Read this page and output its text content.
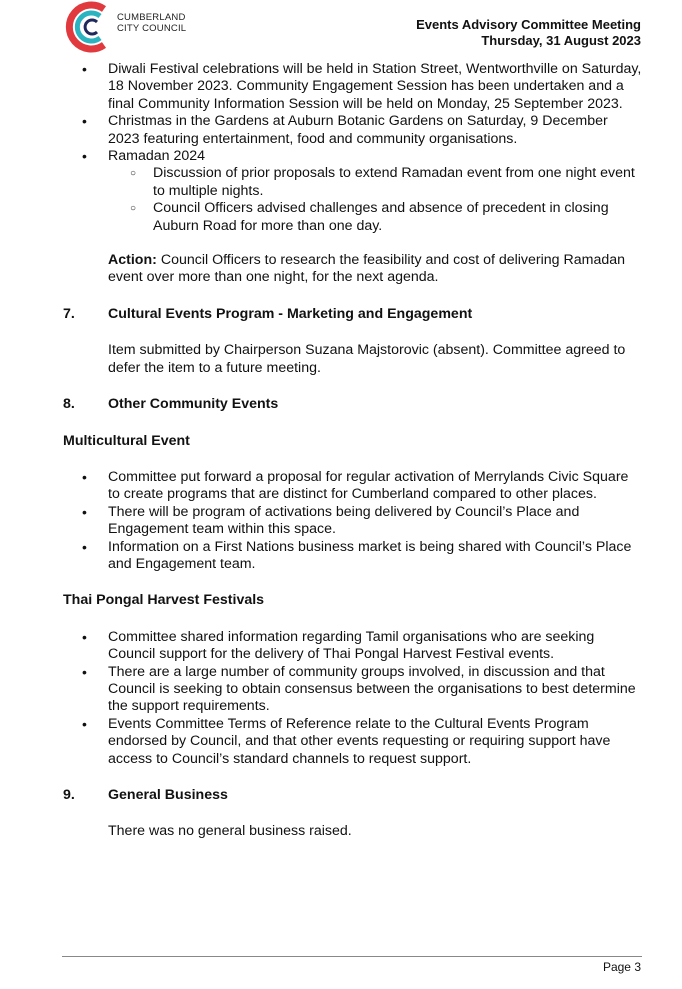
CUMBERLAND
CITY COUNCIL	Events Advisory Committee Meeting
Thursday, 31 August 2023
• Diwali Festival celebrations will be held in Station Street, Wentworthville on Saturday, 18 November 2023. Community Engagement Session has been undertaken and a final Community Information Session will be held on Monday, 25 September 2023.
• Christmas in the Gardens at Auburn Botanic Gardens on Saturday, 9 December 2023 featuring entertainment, food and community organisations.
• Ramadan 2024
○ Discussion of prior proposals to extend Ramadan event from one night event to multiple nights.
○ Council Officers advised challenges and absence of precedent in closing Auburn Road for more than one day.
Action: Council Officers to research the feasibility and cost of delivering Ramadan event over more than one night, for the next agenda.
7.	Cultural Events Program - Marketing and Engagement
Item submitted by Chairperson Suzana Majstorovic (absent). Committee agreed to defer the item to a future meeting.
8.	Other Community Events
Multicultural Event
• Committee put forward a proposal for regular activation of Merrylands Civic Square to create programs that are distinct for Cumberland compared to other places.
• There will be program of activations being delivered by Council’s Place and Engagement team within this space.
• Information on a First Nations business market is being shared with Council’s Place and Engagement team.
Thai Pongal Harvest Festivals
• Committee shared information regarding Tamil organisations who are seeking Council support for the delivery of Thai Pongal Harvest Festival events.
• There are a large number of community groups involved, in discussion and that Council is seeking to obtain consensus between the organisations to best determine the support requirements.
• Events Committee Terms of Reference relate to the Cultural Events Program endorsed by Council, and that other events requesting or requiring support have access to Council’s standard channels to request support.
9.	General Business
There was no general business raised.
Page 3
